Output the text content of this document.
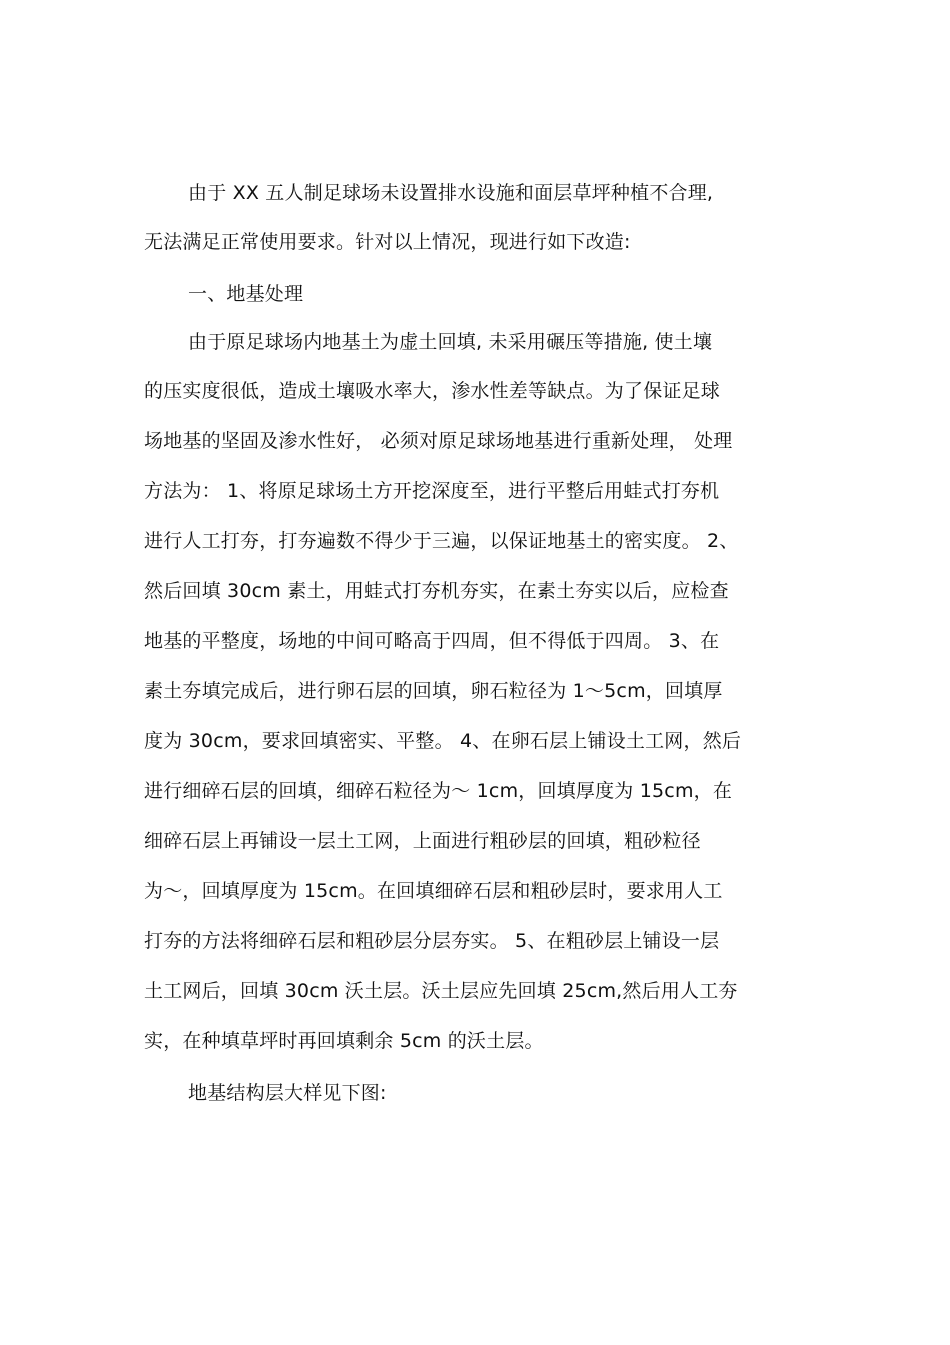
由于 XX 五人制足球场未设置排水设施和面层草坪种植不合理,
无法满足正常使用要求。针对以上情况，现进行如下改造:
一、地基处理
由于原足球场内地基土为虚土回填, 未采用碾压等措施, 使土壤
的压实度很低，造成土壤吸水率大，渗水性差等缺点。为了保证足球
场地基的坚固及渗水性好， 必须对原足球场地基进行重新处理， 处理
方法为： 1、将原足球场土方开挖深度至，进行平整后用蛙式打夯机
进行人工打夯，打夯遍数不得少于三遍，以保证地基土的密实度。 2、
然后回填 30cm 素土，用蛙式打夯机夯实，在素土夯实以后，应检查
地基的平整度，场地的中间可略高于四周，但不得低于四周。 3、在
素土夯填完成后，进行卵石层的回填，卵石粒径为 1～5cm，回填厚
度为 30cm，要求回填密实、平整。 4、在卵石层上铺设土工网，然后
进行细碎石层的回填，细碎石粒径为～ 1cm，回填厚度为 15cm，在
细碎石层上再铺设一层土工网，上面进行粗砂层的回填，粗砂粒径
为～，回填厚度为 15cm。在回填细碎石层和粗砂层时，要求用人工
打夯的方法将细碎石层和粗砂层分层夯实。 5、在粗砂层上铺设一层
土工网后，回填 30cm 沃土层。沃土层应先回填 25cm,然后用人工夯
实，在种填草坪时再回填剩余 5cm 的沃土层。
地基结构层大样见下图:
